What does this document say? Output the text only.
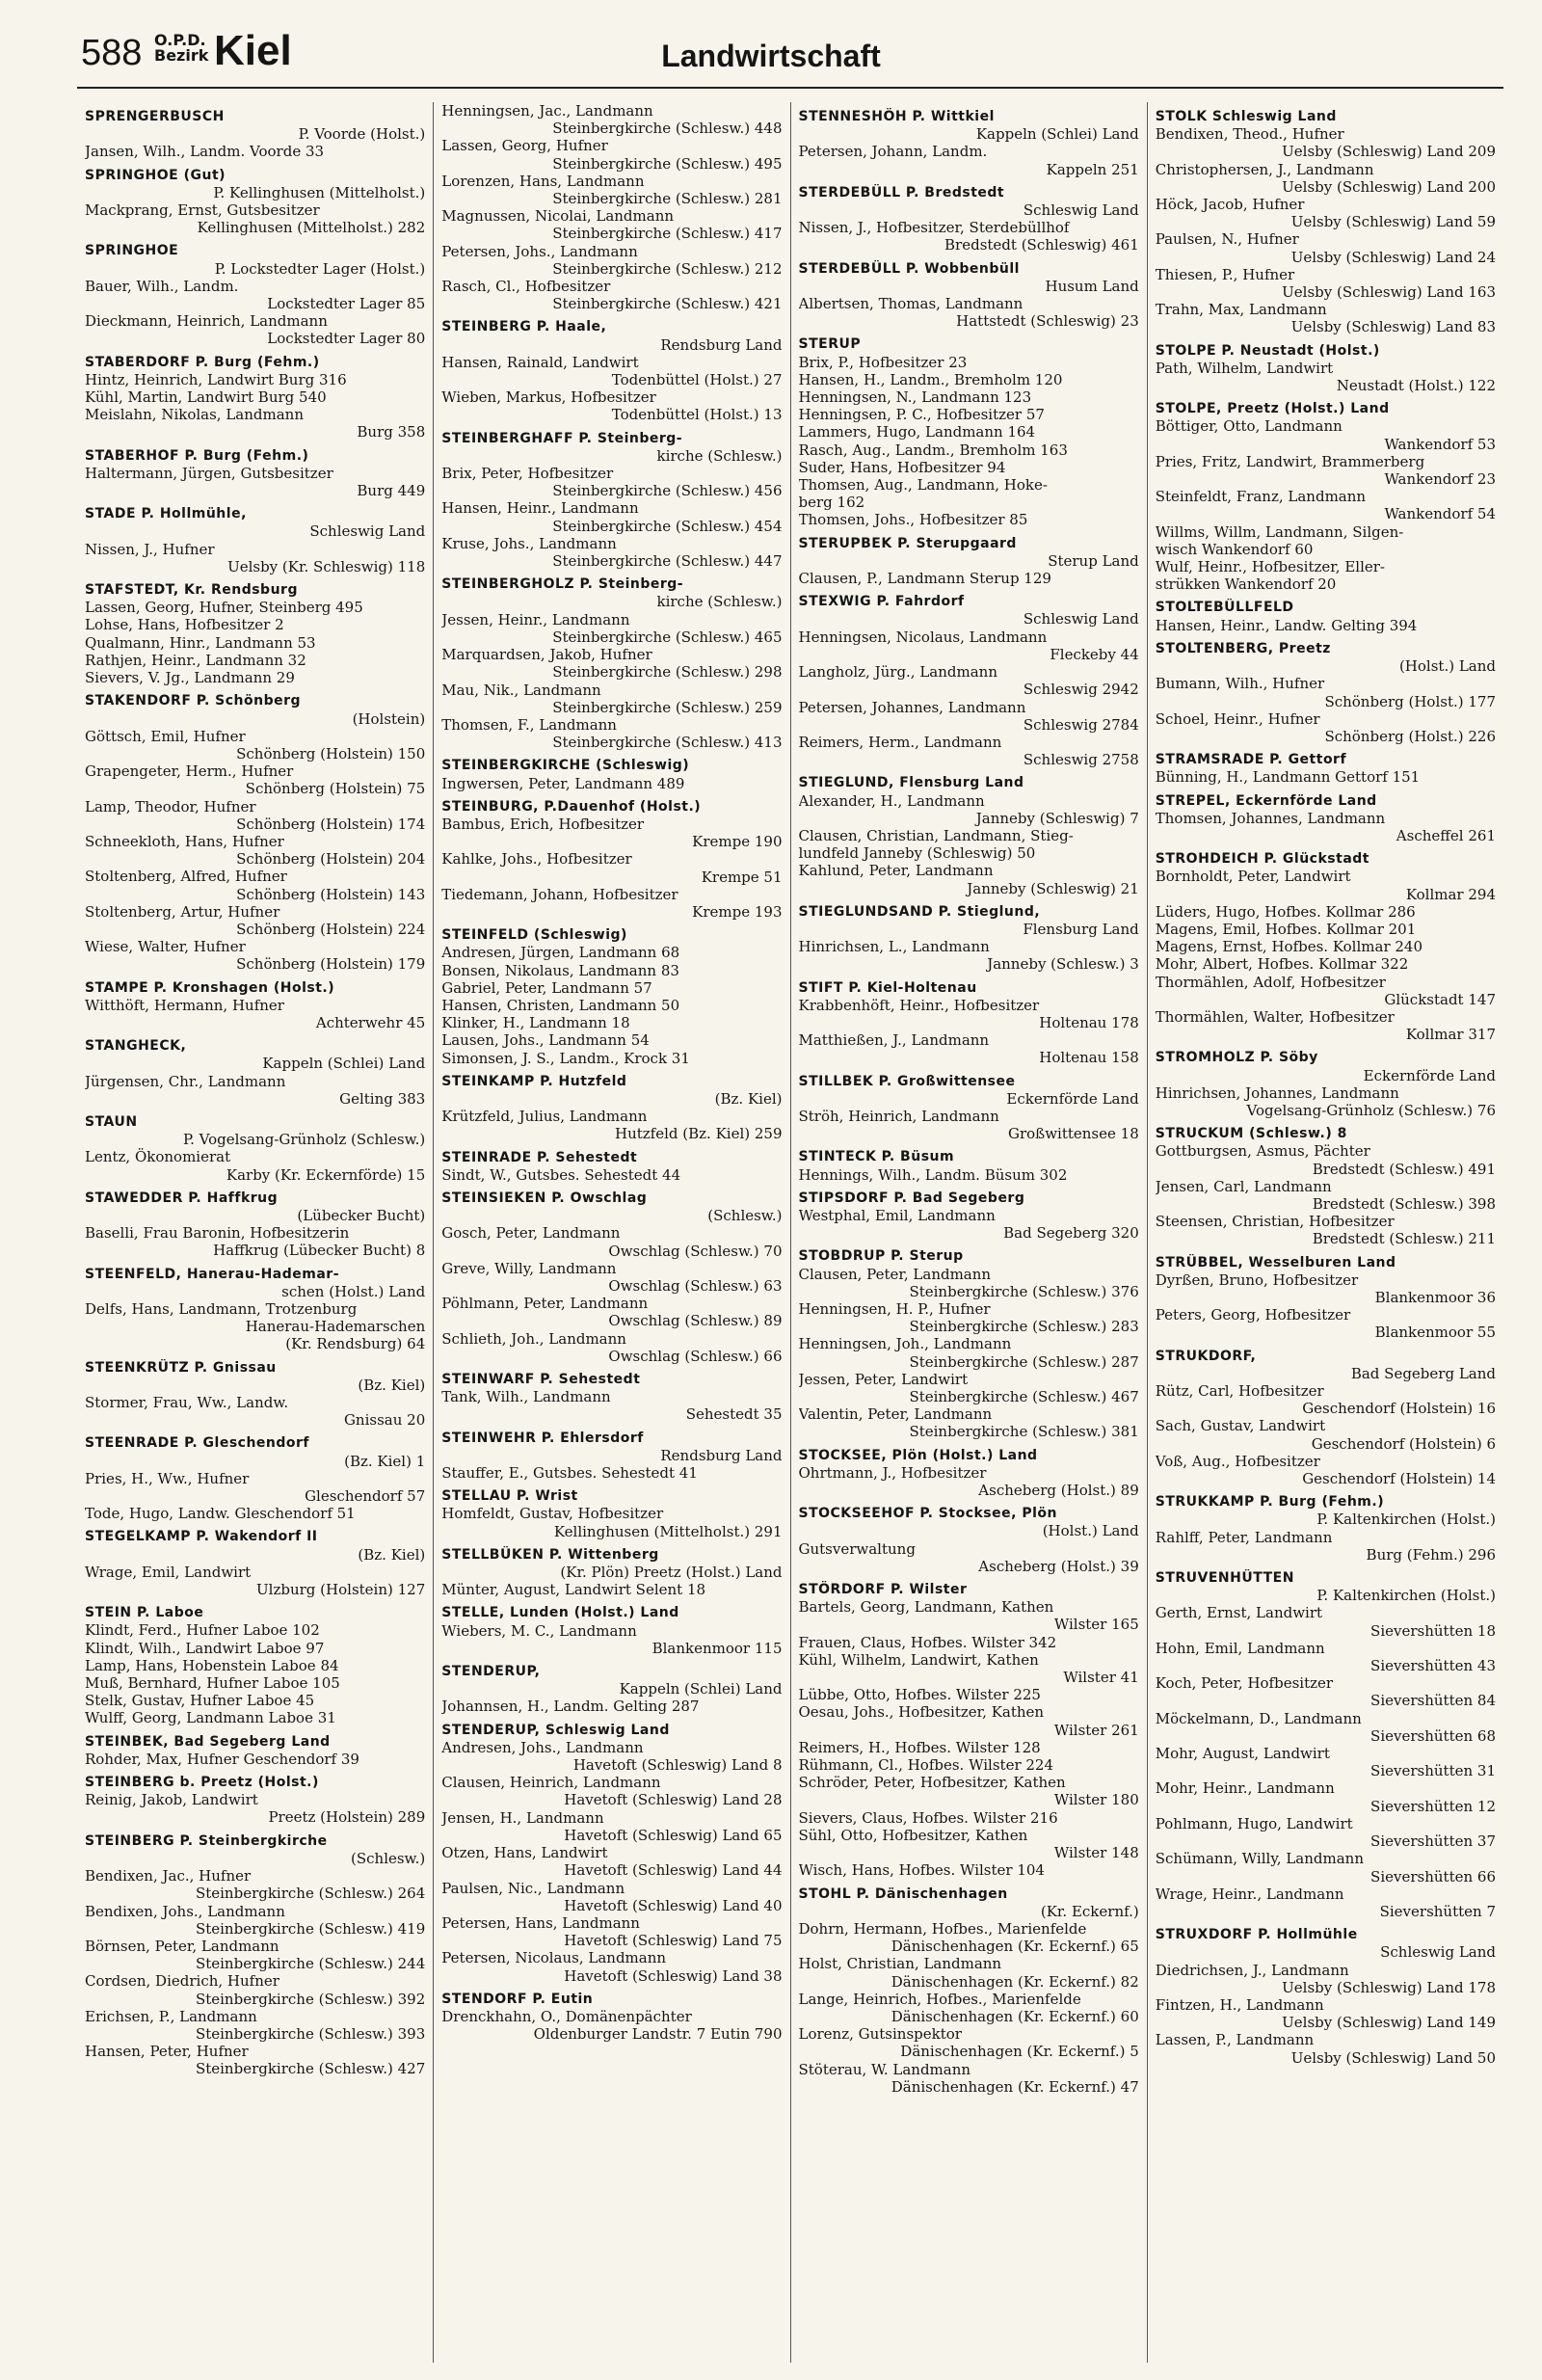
588 O.P.D.
Bezirk Kiel	Landwirtschaft
SPRENGERBUSCH
P. Voorde (Holst.)
Jansen, Wilh., Landm. Voorde 33
SPRINGHOE (Gut)
P. Kellinghusen (Mittelholst.)
Mackprang, Ernst, Gutsbesitzer
Kellinghusen (Mittelholst.) 282
SPRINGHOE
P. Lockstedter Lager (Holst.)
Bauer, Wilh., Landm.
Lockstedter Lager 85
Dieckmann, Heinrich, Landmann
Lockstedter Lager 80
STABERDORF P. Burg (Fehm.)
Hintz, Heinrich, Landwirt Burg 316
Kühl, Martin, Landwirt Burg 540
Meislahn, Nikolas, Landmann
Burg 358
STABERHOF P. Burg (Fehm.)
Haltermann, Jürgen, Gutsbesitzer
Burg 449
STADE P. Hollmühle,
Schleswig Land
Nissen, J., Hufner
Uelsby (Kr. Schleswig) 118
STAFSTEDT, Kr. Rendsburg
Lassen, Georg, Hufner, Steinberg 495
Lohse, Hans, Hofbesitzer 2
Qualmann, Hinr., Landmann 53
Rathjen, Heinr., Landmann 32
Sievers, V. Jg., Landmann 29
STAKENDORF P. Schönberg
(Holstein)
Göttsch, Emil, Hufner
Schönberg (Holstein) 150
Grapengeter, Herm., Hufner
Schönberg (Holstein) 75
Lamp, Theodor, Hufner
Schönberg (Holstein) 174
Schneekloth, Hans, Hufner
Schönberg (Holstein) 204
Stoltenberg, Alfred, Hufner
Schönberg (Holstein) 143
Stoltenberg, Artur, Hufner
Schönberg (Holstein) 224
Wiese, Walter, Hufner
Schönberg (Holstein) 179
STAMPE P. Kronshagen (Holst.)
Witthöft, Hermann, Hufner
Achterwehr 45
STANGHECK,
Kappeln (Schlei) Land
Jürgensen, Chr., Landmann
Gelting 383
STAUN
P. Vogelsang-Grünholz (Schlesw.)
Lentz, Ökonomierat
Karby (Kr. Eckernförde) 15
STAWEDDER P. Haffkrug
(Lübecker Bucht)
Baselli, Frau Baronin, Hofbesitzerin
Haffkrug (Lübecker Bucht) 8
STEENFELD, Hanerau-Hademar-
schen (Holst.) Land
Delfs, Hans, Landmann, Trotzenburg
Hanerau-Hademarschen
(Kr. Rendsburg) 64
STEENKRÜTZ P. Gnissau
(Bz. Kiel)
Stormer, Frau, Ww., Landw.
Gnissau 20
STEENRADE P. Gleschendorf
(Bz. Kiel) 1
Pries, H., Ww., Hufner
Gleschendorf 57
Tode, Hugo, Landw. Gleschendorf 51
STEGELKAMP P. Wakendorf II
(Bz. Kiel)
Wrage, Emil, Landwirt
Ulzburg (Holstein) 127
STEIN P. Laboe
Klindt, Ferd., Hufner Laboe 102
Klindt, Wilh., Landwirt Laboe 97
Lamp, Hans, Hobenstein Laboe 84
Muß, Bernhard, Hufner Laboe 105
Stelk, Gustav, Hufner Laboe 45
Wulff, Georg, Landmann Laboe 31
STEINBEK, Bad Segeberg Land
Rohder, Max, Hufner Geschendorf 39
STEINBERG b. Preetz (Holst.)
Reinig, Jakob, Landwirt
Preetz (Holstein) 289
STEINBERG P. Steinbergkirche
(Schlesw.)
Bendixen, Jac., Hufner
Steinbergkirche (Schlesw.) 264
Bendixen, Johs., Landmann
Steinbergkirche (Schlesw.) 419
Börnsen, Peter, Landmann
Steinbergkirche (Schlesw.) 244
Cordsen, Diedrich, Hufner
Steinbergkirche (Schlesw.) 392
Erichsen, P., Landmann
Steinbergkirche (Schlesw.) 393
Hansen, Peter, Hufner
Steinbergkirche (Schlesw.) 427
Henningsen, Jac., Landmann
Steinbergkirche (Schlesw.) 448
Lassen, Georg, Hufner
Steinbergkirche (Schlesw.) 495
Lorenzen, Hans, Landmann
Steinbergkirche (Schlesw.) 281
Magnussen, Nicolai, Landmann
Steinbergkirche (Schlesw.) 417
Petersen, Johs., Landmann
Steinbergkirche (Schlesw.) 212
Rasch, Cl., Hofbesitzer
Steinbergkirche (Schlesw.) 421
STEINBERG P. Haale,
Rendsburg Land
Hansen, Rainald, Landwirt
Todenbüttel (Holst.) 27
Wieben, Markus, Hofbesitzer
Todenbüttel (Holst.) 13
STEINBERGHAFF P. Steinberg-
kirche (Schlesw.)
Brix, Peter, Hofbesitzer
Steinbergkirche (Schlesw.) 456
Hansen, Heinr., Landmann
Steinbergkirche (Schlesw.) 454
Kruse, Johs., Landmann
Steinbergkirche (Schlesw.) 447
STEINBERGHOLZ P. Steinberg-
kirche (Schlesw.)
Jessen, Heinr., Landmann
Steinbergkirche (Schlesw.) 465
Marquardsen, Jakob, Hufner
Steinbergkirche (Schlesw.) 298
Mau, Nik., Landmann
Steinbergkirche (Schlesw.) 259
Thomsen, F., Landmann
Steinbergkirche (Schlesw.) 413
STEINBERGKIRCHE (Schleswig)
Ingwersen, Peter, Landmann 489
STEINBURG, P.Dauenhof (Holst.)
Bambus, Erich, Hofbesitzer
Krempe 190
Kahlke, Johs., Hofbesitzer
Krempe 51
Tiedemann, Johann, Hofbesitzer
Krempe 193
STEINFELD (Schleswig)
Andresen, Jürgen, Landmann 68
Bonsen, Nikolaus, Landmann 83
Gabriel, Peter, Landmann 57
Hansen, Christen, Landmann 50
Klinker, H., Landmann 18
Lausen, Johs., Landmann 54
Simonsen, J. S., Landm., Krock 31
STEINKAMP P. Hutzfeld
(Bz. Kiel)
Krützfeld, Julius, Landmann
Hutzfeld (Bz. Kiel) 259
STEINRADE P. Sehestedt
Sindt, W., Gutsbes. Sehestedt 44
STEINSIEKEN P. Owschlag
(Schlesw.)
Gosch, Peter, Landmann
Owschlag (Schlesw.) 70
Greve, Willy, Landmann
Owschlag (Schlesw.) 63
Pöhlmann, Peter, Landmann
Owschlag (Schlesw.) 89
Schlieth, Joh., Landmann
Owschlag (Schlesw.) 66
STEINWARF P. Sehestedt
Tank, Wilh., Landmann
Sehestedt 35
STEINWEHR P. Ehlersdorf
Rendsburg Land
Stauffer, E., Gutsbes. Sehestedt 41
STELLAU P. Wrist
Homfeldt, Gustav, Hofbesitzer
Kellinghusen (Mittelholst.) 291
STELLBÜKEN P. Wittenberg
(Kr. Plön) Preetz (Holst.) Land
Münter, August, Landwirt Selent 18
STELLE, Lunden (Holst.) Land
Wiebers, M. C., Landmann
Blankenmoor 115
STENDERUP,
Kappeln (Schlei) Land
Johannsen, H., Landm. Gelting 287
STENDERUP, Schleswig Land
Andresen, Johs., Landmann
Havetoft (Schleswig) Land 8
Clausen, Heinrich, Landmann
Havetoft (Schleswig) Land 28
Jensen, H., Landmann
Havetoft (Schleswig) Land 65
Otzen, Hans, Landwirt
Havetoft (Schleswig) Land 44
Paulsen, Nic., Landmann
Havetoft (Schleswig) Land 40
Petersen, Hans, Landmann
Havetoft (Schleswig) Land 75
Petersen, Nicolaus, Landmann
Havetoft (Schleswig) Land 38
STENDORF P. Eutin
Drenckhahn, O., Domänenpächter
Oldenburger Landstr. 7 Eutin 790
STENNESHÖH P. Wittkiel
Kappeln (Schlei) Land
Petersen, Johann, Landm.
Kappeln 251
STERDEBÜLL P. Bredstedt
Schleswig Land
Nissen, J., Hofbesitzer, Sterdebüllhof
Bredstedt (Schleswig) 461
STERDEBÜLL P. Wobbenbüll
Husum Land
Albertsen, Thomas, Landmann
Hattstedt (Schleswig) 23
STERUP
Brix, P., Hofbesitzer 23
Hansen, H., Landm., Bremholm 120
Henningsen, N., Landmann 123
Henningsen, P. C., Hofbesitzer 57
Lammers, Hugo, Landmann 164
Rasch, Aug., Landm., Bremholm 163
Suder, Hans, Hofbesitzer 94
Thomsen, Aug., Landmann, Hoke-
berg 162
Thomsen, Johs., Hofbesitzer 85
STERUPBEK P. Sterupgaard
Sterup Land
Clausen, P., Landmann Sterup 129
STEXWIG P. Fahrdorf
Schleswig Land
Henningsen, Nicolaus, Landmann
Fleckeby 44
Langholz, Jürg., Landmann
Schleswig 2942
Petersen, Johannes, Landmann
Schleswig 2784
Reimers, Herm., Landmann
Schleswig 2758
STIEGLUND, Flensburg Land
Alexander, H., Landmann
Janneby (Schleswig) 7
Clausen, Christian, Landmann, Stieg-
lundfeld Janneby (Schleswig) 50
Kahlund, Peter, Landmann
Janneby (Schleswig) 21
STIEGLUNDSAND P. Stieglund,
Flensburg Land
Hinrichsen, L., Landmann
Janneby (Schlesw.) 3
STIFT P. Kiel-Holtenau
Krabbenhöft, Heinr., Hofbesitzer
Holtenau 178
Matthießen, J., Landmann
Holtenau 158
STILLBEK P. Großwittensee
Eckernförde Land
Ströh, Heinrich, Landmann
Großwittensee 18
STINTECK P. Büsum
Hennings, Wilh., Landm. Büsum 302
STIPSDORF P. Bad Segeberg
Westphal, Emil, Landmann
Bad Segeberg 320
STOBDRUP P. Sterup
Clausen, Peter, Landmann
Steinbergkirche (Schlesw.) 376
Henningsen, H. P., Hufner
Steinbergkirche (Schlesw.) 283
Henningsen, Joh., Landmann
Steinbergkirche (Schlesw.) 287
Jessen, Peter, Landwirt
Steinbergkirche (Schlesw.) 467
Valentin, Peter, Landmann
Steinbergkirche (Schlesw.) 381
STOCKSEE, Plön (Holst.) Land
Ohrtmann, J., Hofbesitzer
Ascheberg (Holst.) 89
STOCKSEEHOF P. Stocksee, Plön
(Holst.) Land
Gutsverwaltung
Ascheberg (Holst.) 39
STÖRDORF P. Wilster
Bartels, Georg, Landmann, Kathen
Wilster 165
Frauen, Claus, Hofbes. Wilster 342
Kühl, Wilhelm, Landwirt, Kathen
Wilster 41
Lübbe, Otto, Hofbes. Wilster 225
Oesau, Johs., Hofbesitzer, Kathen
Wilster 261
Reimers, H., Hofbes. Wilster 128
Rühmann, Cl., Hofbes. Wilster 224
Schröder, Peter, Hofbesitzer, Kathen
Wilster 180
Sievers, Claus, Hofbes. Wilster 216
Sühl, Otto, Hofbesitzer, Kathen
Wilster 148
Wisch, Hans, Hofbes. Wilster 104
STOHL P. Dänischenhagen
(Kr. Eckernf.)
Dohrn, Hermann, Hofbes., Marienfelde
Dänischenhagen (Kr. Eckernf.) 65
Holst, Christian, Landmann
Dänischenhagen (Kr. Eckernf.) 82
Lange, Heinrich, Hofbes., Marienfelde
Dänischenhagen (Kr. Eckernf.) 60
Lorenz, Gutsinspektor
Dänischenhagen (Kr. Eckernf.) 5
Stöterau, W. Landmann
Dänischenhagen (Kr. Eckernf.) 47
STOLK Schleswig Land
Bendixen, Theod., Hufner
Uelsby (Schleswig) Land 209
Christophersen, J., Landmann
Uelsby (Schleswig) Land 200
Höck, Jacob, Hufner
Uelsby (Schleswig) Land 59
Paulsen, N., Hufner
Uelsby (Schleswig) Land 24
Thiesen, P., Hufner
Uelsby (Schleswig) Land 163
Trahn, Max, Landmann
Uelsby (Schleswig) Land 83
STOLPE P. Neustadt (Holst.)
Path, Wilhelm, Landwirt
Neustadt (Holst.) 122
STOLPE, Preetz (Holst.) Land
Böttiger, Otto, Landmann
Wankendorf 53
Pries, Fritz, Landwirt, Brammerberg
Wankendorf 23
Steinfeldt, Franz, Landmann
Wankendorf 54
Willms, Willm, Landmann, Silgen-
wisch Wankendorf 60
Wulf, Heinr., Hofbesitzer, Eller-
strükken Wankendorf 20
STOLTEBÜLLFELD
Hansen, Heinr., Landw. Gelting 394
STOLTENBERG, Preetz
(Holst.) Land
Bumann, Wilh., Hufner
Schönberg (Holst.) 177
Schoel, Heinr., Hufner
Schönberg (Holst.) 226
STRAMSRADE P. Gettorf
Bünning, H., Landmann Gettorf 151
STREPEL, Eckernförde Land
Thomsen, Johannes, Landmann
Ascheffel 261
STROHDEICH P. Glückstadt
Bornholdt, Peter, Landwirt
Kollmar 294
Lüders, Hugo, Hofbes. Kollmar 286
Magens, Emil, Hofbes. Kollmar 201
Magens, Ernst, Hofbes. Kollmar 240
Mohr, Albert, Hofbes. Kollmar 322
Thormählen, Adolf, Hofbesitzer
Glückstadt 147
Thormählen, Walter, Hofbesitzer
Kollmar 317
STROMHOLZ P. Söby
Eckernförde Land
Hinrichsen, Johannes, Landmann
Vogelsang-Grünholz (Schlesw.) 76
STRUCKUM (Schlesw.) 8
Gottburgsen, Asmus, Pächter
Bredstedt (Schlesw.) 491
Jensen, Carl, Landmann
Bredstedt (Schlesw.) 398
Steensen, Christian, Hofbesitzer
Bredstedt (Schlesw.) 211
STRÜBBEL, Wesselburen Land
Dyrßen, Bruno, Hofbesitzer
Blankenmoor 36
Peters, Georg, Hofbesitzer
Blankenmoor 55
STRUKDORF,
Bad Segeberg Land
Rütz, Carl, Hofbesitzer
Geschendorf (Holstein) 16
Sach, Gustav, Landwirt
Geschendorf (Holstein) 6
Voß, Aug., Hofbesitzer
Geschendorf (Holstein) 14
STRUKKAMP P. Burg (Fehm.)
P. Kaltenkirchen (Holst.)
Rahlff, Peter, Landmann
Burg (Fehm.) 296
STRUVENHÜTTEN
P. Kaltenkirchen (Holst.)
Gerth, Ernst, Landwirt
Sievershütten 18
Hohn, Emil, Landmann
Sievershütten 43
Koch, Peter, Hofbesitzer
Sievershütten 84
Möckelmann, D., Landmann
Sievershütten 68
Mohr, August, Landwirt
Sievershütten 31
Mohr, Heinr., Landmann
Sievershütten 12
Pohlmann, Hugo, Landwirt
Sievershütten 37
Schümann, Willy, Landmann
Sievershütten 66
Wrage, Heinr., Landmann
Sievershütten 7
STRUXDORF P. Hollmühle
Schleswig Land
Diedrichsen, J., Landmann
Uelsby (Schleswig) Land 178
Fintzen, H., Landmann
Uelsby (Schleswig) Land 149
Lassen, P., Landmann
Uelsby (Schleswig) Land 50
